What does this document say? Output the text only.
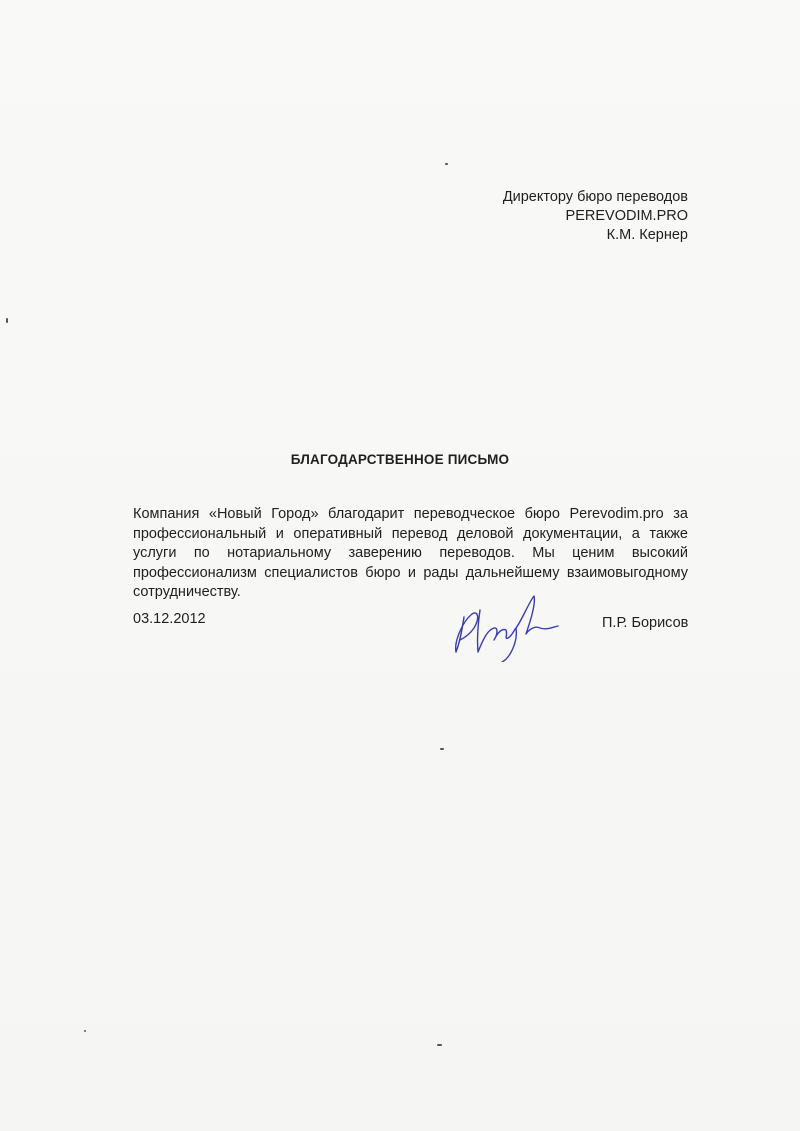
Директору бюро переводов
PEREVODIM.PRO
К.М. Кернер
БЛАГОДАРСТВЕННОЕ ПИСЬМО
Компания «Новый Город» благодарит переводческое бюро Perevodim.pro за профессиональный и оперативный перевод деловой документации, а также услуги по нотариальному заверению переводов. Мы ценим высокий профессионализм специалистов бюро и рады дальнейшему взаимовыгодному сотрудничеству.
03.12.2012	П.Р. Борисов
